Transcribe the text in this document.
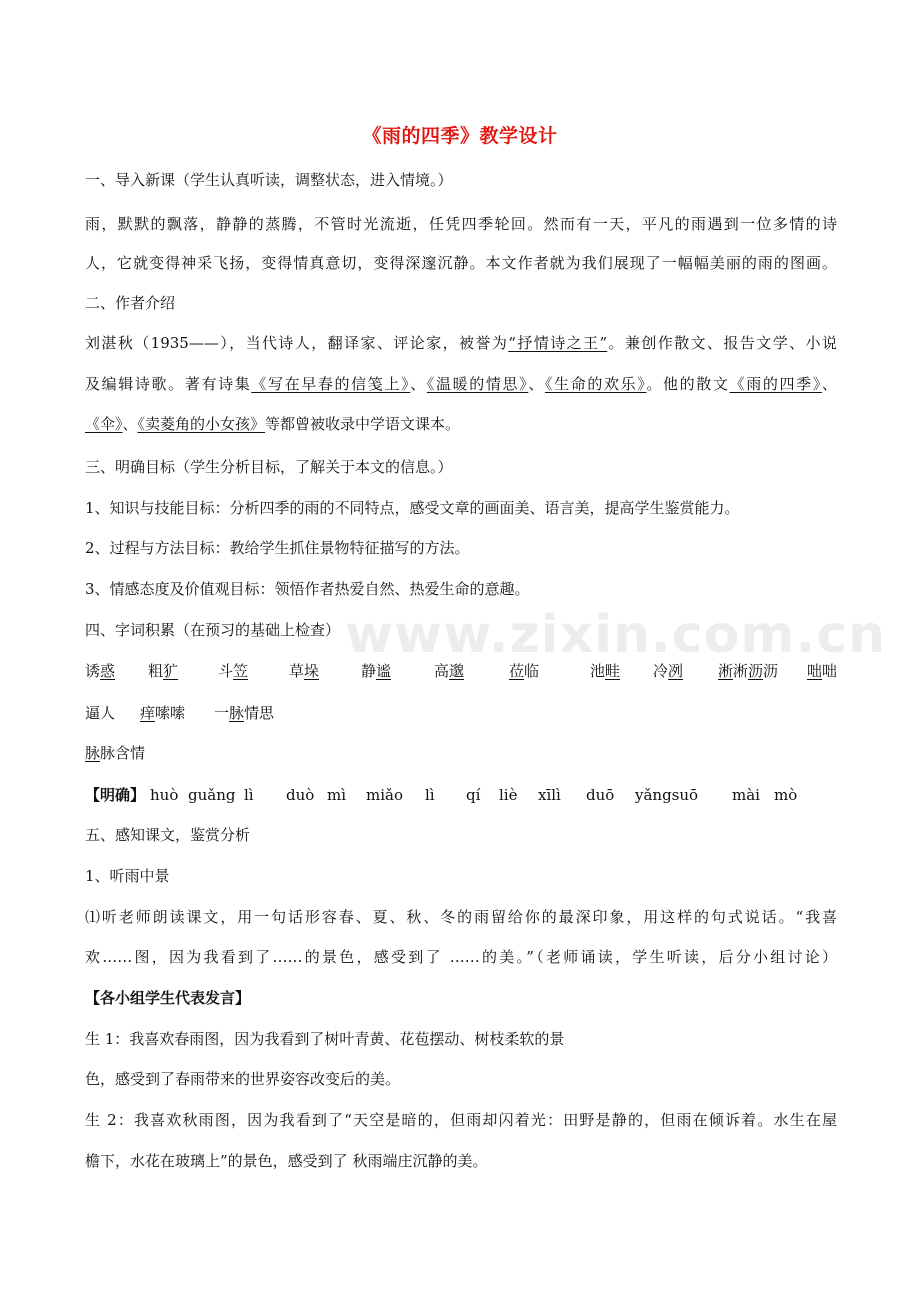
www.zixin.com.cn
《雨的四季》教学设计
一、导入新课（学生认真听读，调整状态，进入情境。）
雨，默默的飘落，静静的蒸腾，不管时光流逝，任凭四季轮回。然而有一天，平凡的雨遇到一位多情的诗
人，它就变得神采飞扬，变得情真意切，变得深邃沉静。本文作者就为我们展现了一幅幅美丽的雨的图画。
二、作者介绍
刘湛秋（1935——），当代诗人，翻译家、评论家，被誉为“抒情诗之王”。兼创作散文、报告文学、小说
及编辑诗歌。著有诗集《写在早春的信笺上》、《温暖的情思》、《生命的欢乐》。他的散文《雨的四季》、
《伞》、《卖菱角的小女孩》等都曾被收录中学语文课本。
三、明确目标（学生分析目标，了解关于本文的信息。）
1、知识与技能目标：分析四季的雨的不同特点，感受文章的画面美、语言美，提高学生鉴赏能力。
2、过程与方法目标：教给学生抓住景物特征描写的方法。
3、情感态度及价值观目标：领悟作者热爱自然、热爱生命的意趣。
四、字词积累（在预习的基础上检查）
诱惑 粗犷	斗笠	草垛	静谧	高邈	莅临	池畦 冷冽 淅淅沥沥 咄咄
逼人 痒嗦嗦 一脉情思
脉脉含情
【明确】 huò guǎng lì duò mì miǎo lì qí liè xīlì duō yǎngsuō mài mò
五、感知课文，鉴赏分析
1、听雨中景
⑴听老师朗读课文，用一句话形容春、夏、秋、冬的雨留给你的最深印象，用这样的句式说话。“我喜
欢……图，因为我看到了……的景色，感受到了 ……的美。”（老师诵读，学生听读，后分小组讨论）
【各小组学生代表发言】
生 1：我喜欢春雨图，因为我看到了树叶青黄、花苞摆动、树枝柔软的景
色，感受到了春雨带来的世界姿容改变后的美。
生 2：我喜欢秋雨图，因为我看到了“天空是暗的，但雨却闪着光：田野是静的，但雨在倾诉着。水生在屋
檐下，水花在玻璃上”的景色，感受到了 秋雨端庄沉静的美。
